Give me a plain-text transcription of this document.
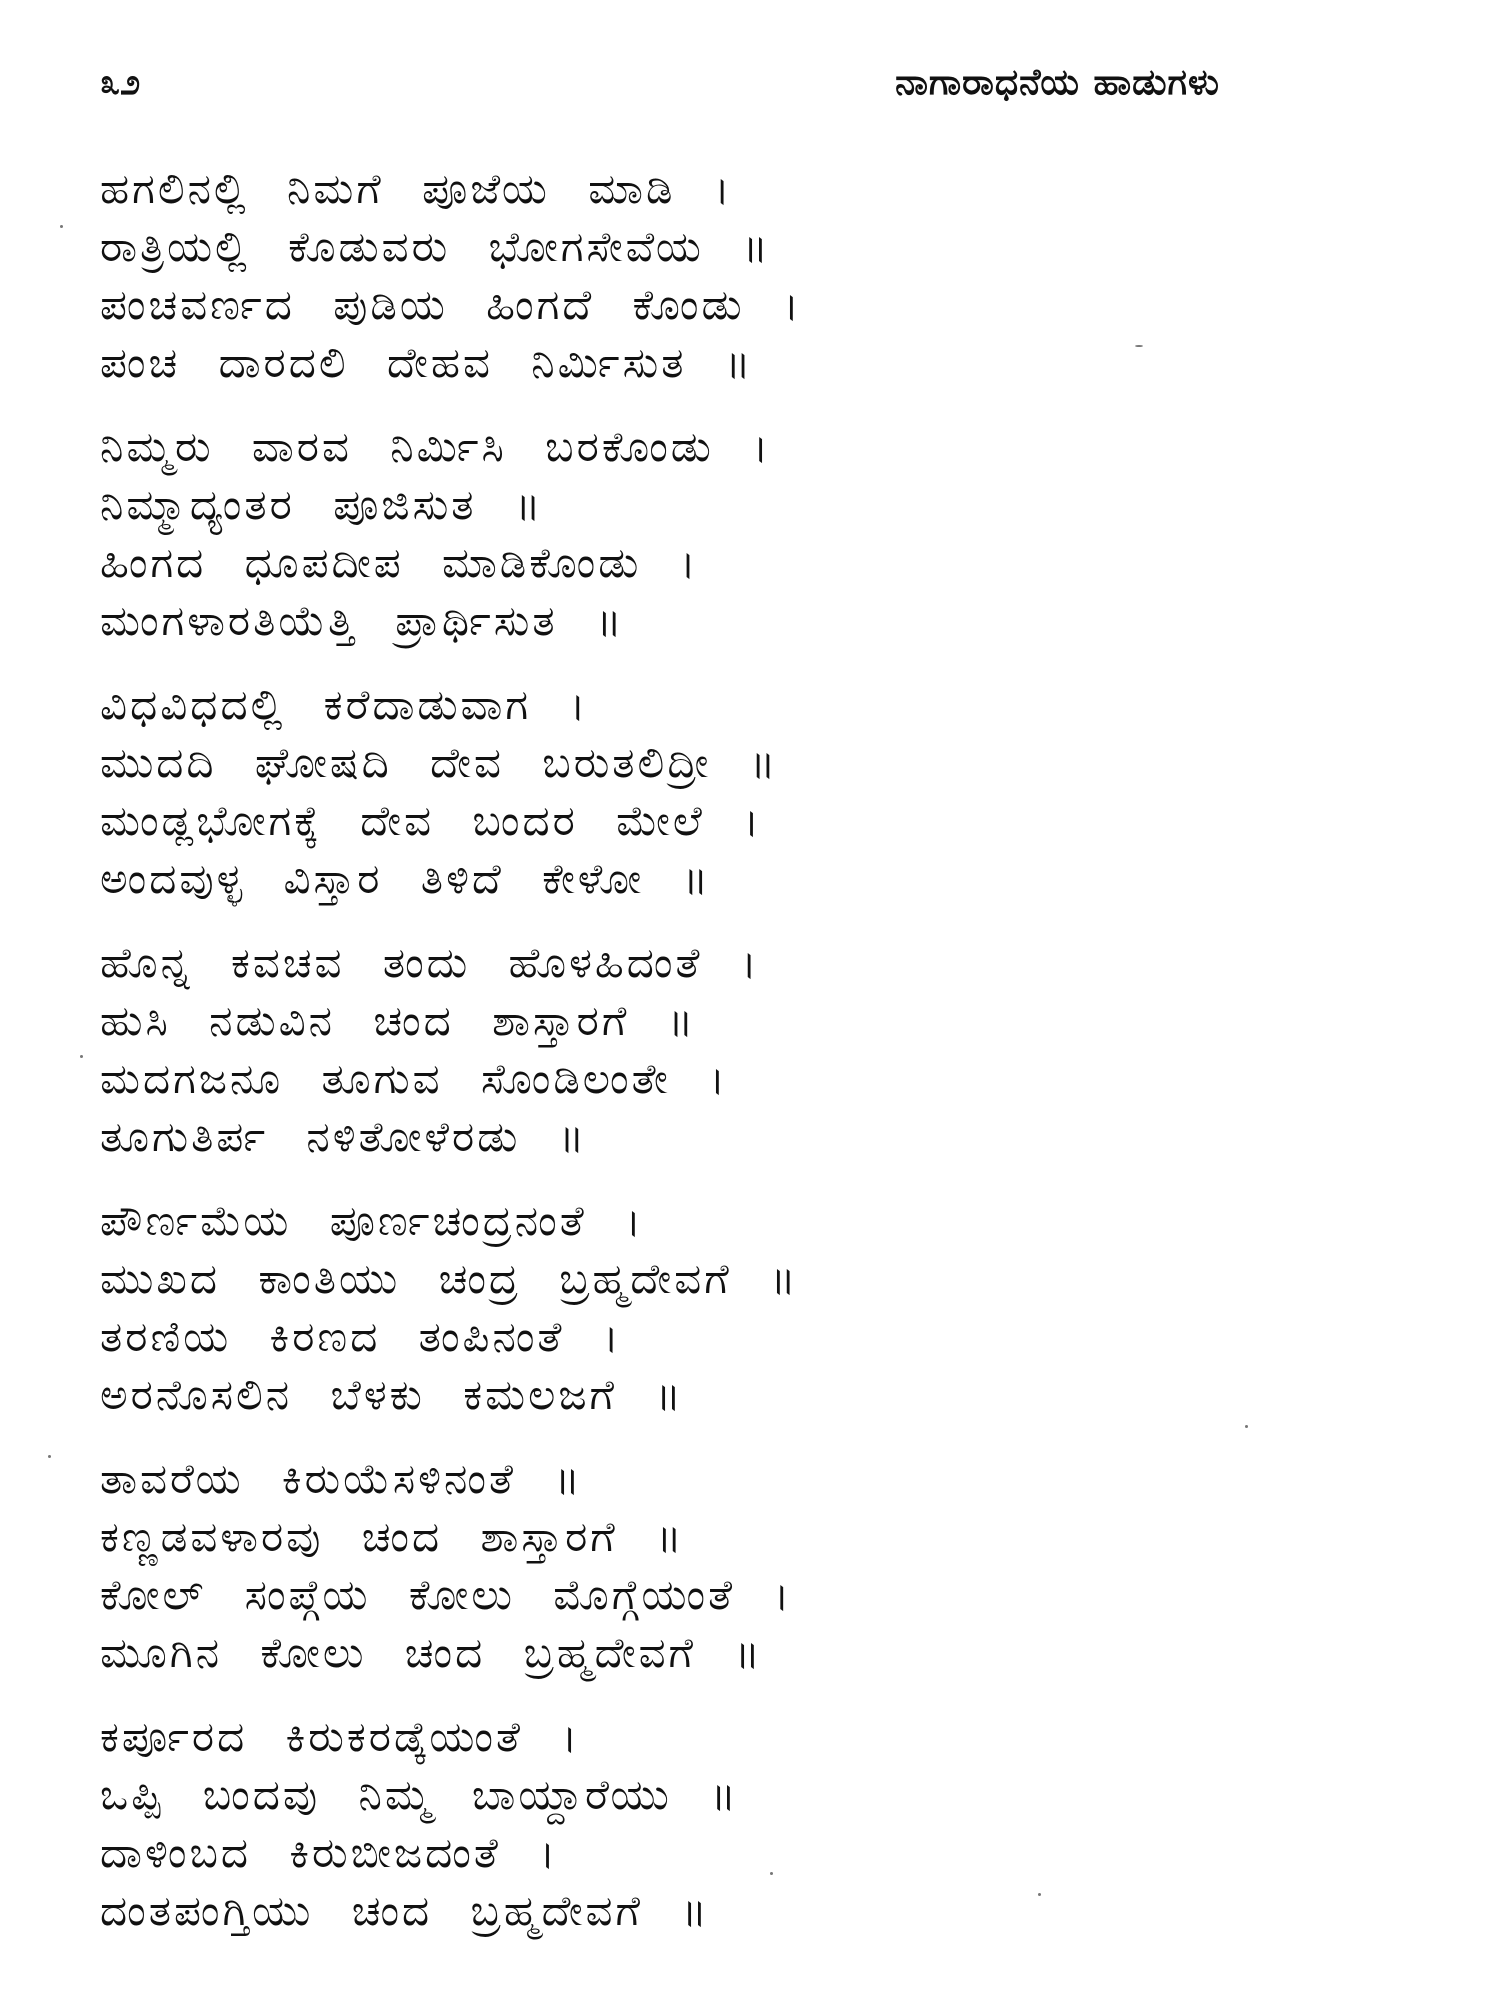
೩೨	ನಾಗಾರಾಧನೆಯ ಹಾಡುಗಳು
ಹಗಲಿನಲ್ಲಿ ನಿಮಗೆ ಪೂಜೆಯ ಮಾಡಿ ।
ರಾತ್ರಿಯಲ್ಲಿ ಕೊಡುವರು ಭೋಗಸೇವೆಯ ॥
ಪಂಚವರ್ಣದ ಪುಡಿಯ ಹಿಂಗದೆ ಕೊಂಡು ।
ಪಂಚ ದಾರದಲಿ ದೇಹವ ನಿರ್ಮಿಸುತ ॥
ನಿಮ್ಮರು ವಾರವ ನಿರ್ಮಿಸಿ ಬರಕೊಂಡು ।
ನಿಮ್ಮಾದ್ಯಂತರ ಪೂಜಿಸುತ ॥
ಹಿಂಗದ ಧೂಪದೀಪ ಮಾಡಿಕೊಂಡು ।
ಮಂಗಳಾರತಿಯೆತ್ತಿ ಪ್ರಾರ್ಥಿಸುತ ॥
ವಿಧವಿಧದಲ್ಲಿ ಕರೆದಾಡುವಾಗ ।
ಮುದದಿ ಘೋಷದಿ ದೇವ ಬರುತಲಿದ್ರೀ ॥
ಮಂಡ್ಲಭೋಗಕ್ಕೆ ದೇವ ಬಂದರ ಮೇಲೆ ।
ಅಂದವುಳ್ಳ ವಿಸ್ತಾರ ತಿಳಿದೆ ಕೇಳೋ ॥
ಹೊನ್ನ ಕವಚವ ತಂದು ಹೊಳಹಿದಂತೆ ।
ಹುಸಿ ನಡುವಿನ ಚಂದ ಶಾಸ್ತಾರಗೆ ॥
ಮದಗಜನೂ ತೂಗುವ ಸೊಂಡಿಲಂತೇ ।
ತೂಗುತಿರ್ಪ ನಳಿತೋಳೆರಡು ॥
ಪೌರ್ಣಮೆಯ ಪೂರ್ಣಚಂದ್ರನಂತೆ ।
ಮುಖದ ಕಾಂತಿಯು ಚಂದ್ರ ಬ್ರಹ್ಮದೇವಗೆ ॥
ತರಣಿಯ ಕಿರಣದ ತಂಪಿನಂತೆ ।
ಅರನೊಸಲಿನ ಬೆಳಕು ಕಮಲಜಗೆ ॥
ತಾವರೆಯ ಕಿರುಯೆಸಳಿನಂತೆ ॥
ಕಣ್ಣಡವಳಾರವು ಚಂದ ಶಾಸ್ತಾರಗೆ ॥
ಕೋಲ್ ಸಂಪ್ಗೆಯ ಕೋಲು ಮೊಗ್ಗೆಯಂತೆ ।
ಮೂಗಿನ ಕೋಲು ಚಂದ ಬ್ರಹ್ಮದೇವಗೆ ॥
ಕರ್ಪೂರದ ಕಿರುಕರಡ್ಕೆಯಂತೆ ।
ಒಪ್ಪಿ ಬಂದವು ನಿಮ್ಮ ಬಾಯ್ದಾರೆಯು ॥
ದಾಳಿಂಬದ ಕಿರುಬೀಜದಂತೆ ।
ದಂತಪಂಗ್ತಿಯು ಚಂದ ಬ್ರಹ್ಮದೇವಗೆ ॥
